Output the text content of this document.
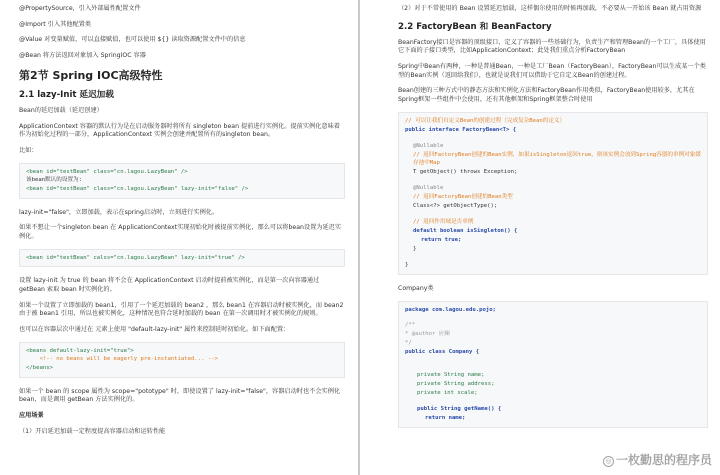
@PropertySource，引入外部属性配置文件

@Import 引入其他配置类

@Value 对变量赋值，可以直接赋值，也可以使用 ${} 读取资源配置文件中的信息

@Bean 将方法返回对象加入 SpringIOC 容器

第2节 Spring IOC高级特性
2.1 lazy-Init 延迟加载

Bean的延迟加载（延迟创建）

ApplicationContext 容器的默认行为是在启动服务器时将所有 singleton bean 提前进行实例化。提前实例化意味着作为初始化过程的一部分，ApplicationContext 实例会创建并配置所有的singleton bean。

比如：

<bean id="testBean" class="cn.lagou.LazyBean" />
该bean默认的设置为:
<bean id="testBean" class="cn.lagou.LazyBean" lazy-init="false" />

lazy-init="false"，立即加载，表示在spring启动时，立刻进行实例化。

如果不想让一个singleton bean 在 ApplicationContext实现初始化时被提前实例化，那么可以将bean设置为延迟实例化。

<bean id="testBean" calss="cn.lagou.LazyBean" lazy-init="true" />

设置 lazy-init 为 true 的 bean 将不会在 ApplicationContext 启动时提前被实例化，而是第一次向容器通过 getBean 索取 bean 时实例化的。

如果一个设置了立即加载的 bean1，引用了一个延迟加载的 bean2 ，那么 bean1 在容器启动时被实例化，而 bean2 由于被 bean1 引用，所以也被实例化，这种情况也符合延时加载的 bean 在第一次调用时才被实例化的规则。

也可以在容器层次中通过在 元素上使用 "default-lazy-init" 属性来控制延时初始化。如下面配置：

<beans default-lazy-init="true">
<!-- no beans will be eagerly pre-instantiated... -->
</beans>

如果一个 bean 的 scope 属性为 scope="pototype" 时，即使设置了 lazy-init="false"，容器启动时也不会实例化bean，而是调用 getBean 方法实例化的。

应用场景

（1）开启延迟加载一定程度提高容器启动和运转性能

（2）对于不常使用的 Bean 设置延迟加载，这样偶尔使用的时候再加载，不必要从一开始该 Bean 就占用资源

2.2 FactoryBean 和 BeanFactory

BeanFactory接口是容器的顶级接口，定义了容器的一些基础行为，负责生产和管理Bean的一个工厂，具体使用它下面的子接口类型，比如ApplicationContext；此处我们重点分析FactoryBean

Spring中Bean有两种，一种是普通Bean，一种是工厂Bean（FactoryBean），FactoryBean可以生成某一个类型的Bean实例（返回给我们），也就是说我们可以借助于它自定义Bean的创建过程。

Bean创建的三种方式中的静态方法和实例化方法和FactoryBean作用类似，FactoryBean使用较多，尤其在Spring框架一些组件中会使用，还有其他框架和Spring框架整合时使用

// 可以让我们自定义Bean的创建过程（完成复杂Bean的定义）
public interface FactoryBean<T> {
@Nullable
// 返回FactoryBean创建的Bean实例，如果isSingleton返回true，则该实例会放到Spring容器的单例对象缓存池中Map
T getObject() throws Exception;
@Nullable
// 返回FactoryBean创建的Bean类型
Class<?> getObjectType();
// 返回作用域是否单例
default boolean isSingleton() {
return true;
}
}

Company类

package com.lagou.edu.pojo;
/**
* @author 应癫
*/
public class Company {
private String name;
private String address;
private int scale;
public String getName() {
return name;
◎ 一枚勤思的程序员
